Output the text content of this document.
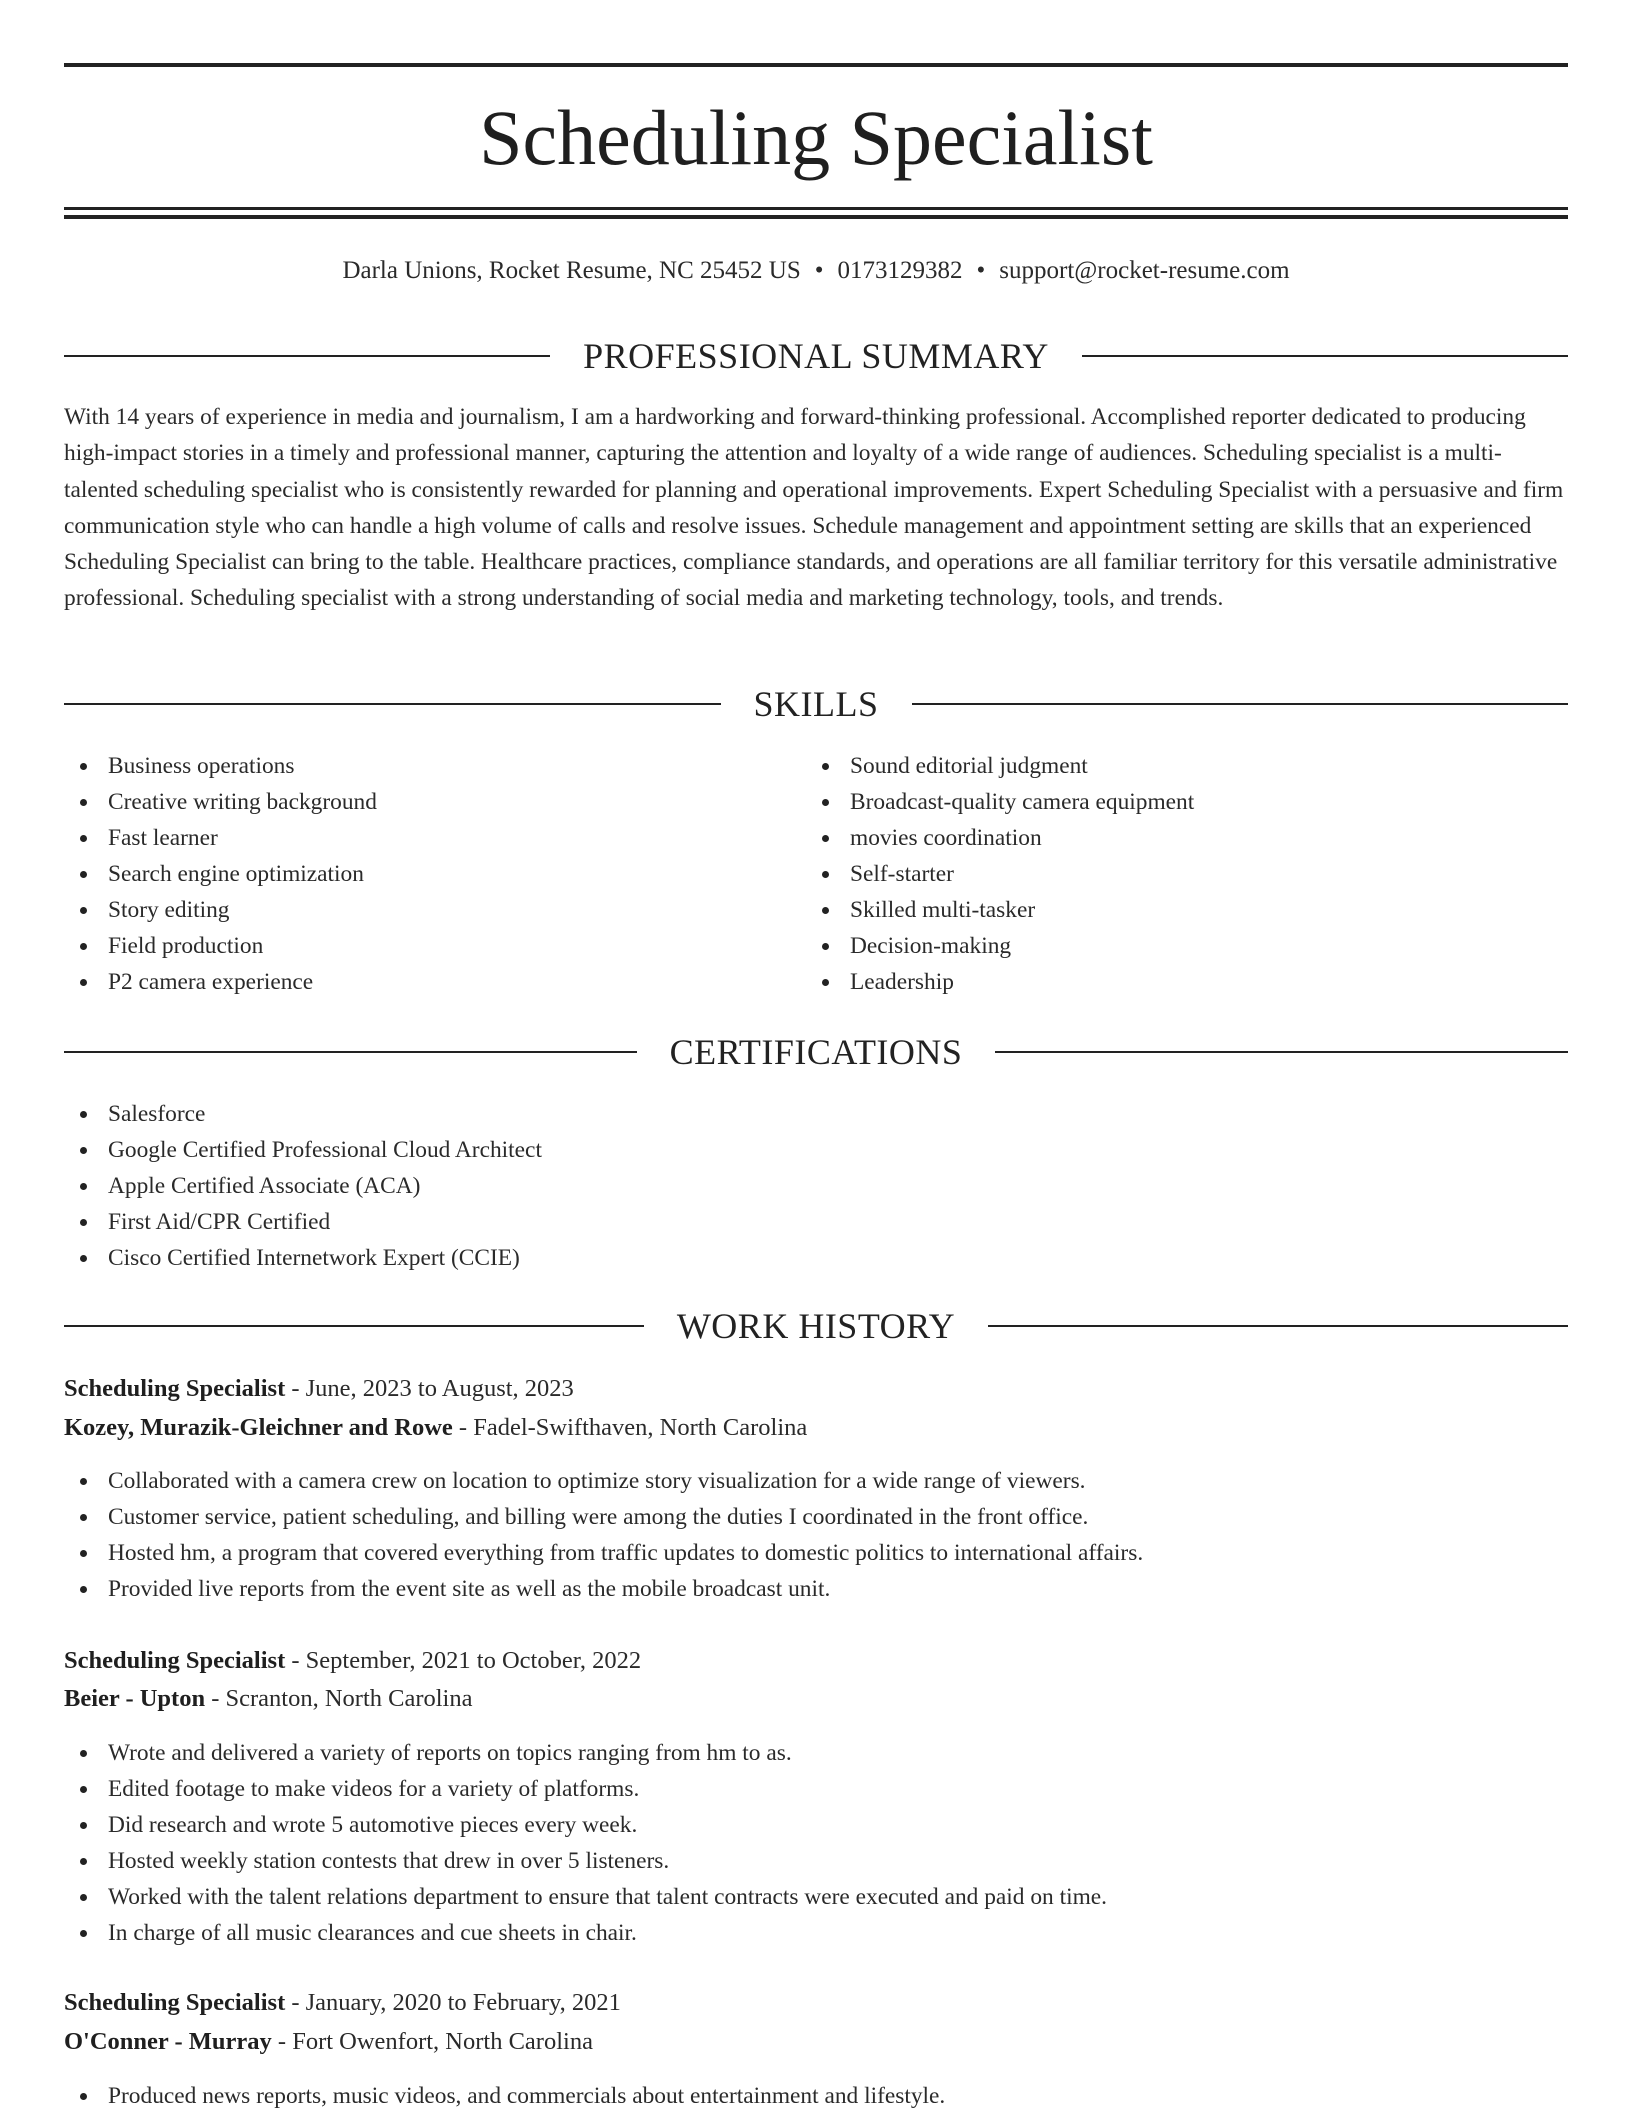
Scheduling Specialist
Darla Unions, Rocket Resume, NC 25452 US • 0173129382 • support@rocket-resume.com
PROFESSIONAL SUMMARY

With 14 years of experience in media and journalism, I am a hardworking and forward-thinking professional. Accomplished reporter dedicated to producing high-impact stories in a timely and professional manner, capturing the attention and loyalty of a wide range of audiences. Scheduling specialist is a multi-talented scheduling specialist who is consistently rewarded for planning and operational improvements. Expert Scheduling Specialist with a persuasive and firm communication style who can handle a high volume of calls and resolve issues. Schedule management and appointment setting are skills that an experienced Scheduling Specialist can bring to the table. Healthcare practices, compliance standards, and operations are all familiar territory for this versatile administrative professional. Scheduling specialist with a strong understanding of social media and marketing technology, tools, and trends.

SKILLS
Business operations
Creative writing background
Fast learner
Search engine optimization
Story editing
Field production
P2 camera experience
Sound editorial judgment
Broadcast-quality camera equipment
movies coordination
Self-starter
Skilled multi-tasker
Decision-making
Leadership
CERTIFICATIONS
Salesforce
Google Certified Professional Cloud Architect
Apple Certified Associate (ACA)
First Aid/CPR Certified
Cisco Certified Internetwork Expert (CCIE)
WORK HISTORY
Scheduling Specialist - June, 2023 to August, 2023
Kozey, Murazik-Gleichner and Rowe - Fadel-Swifthaven, North Carolina
Collaborated with a camera crew on location to optimize story visualization for a wide range of viewers.
Customer service, patient scheduling, and billing were among the duties I coordinated in the front office.
Hosted hm, a program that covered everything from traffic updates to domestic politics to international affairs.
Provided live reports from the event site as well as the mobile broadcast unit.
Scheduling Specialist - September, 2021 to October, 2022
Beier - Upton - Scranton, North Carolina
Wrote and delivered a variety of reports on topics ranging from hm to as.
Edited footage to make videos for a variety of platforms.
Did research and wrote 5 automotive pieces every week.
Hosted weekly station contests that drew in over 5 listeners.
Worked with the talent relations department to ensure that talent contracts were executed and paid on time.
In charge of all music clearances and cue sheets in chair.
Scheduling Specialist - January, 2020 to February, 2021
O'Conner - Murray - Fort Owenfort, North Carolina
Produced news reports, music videos, and commercials about entertainment and lifestyle.
